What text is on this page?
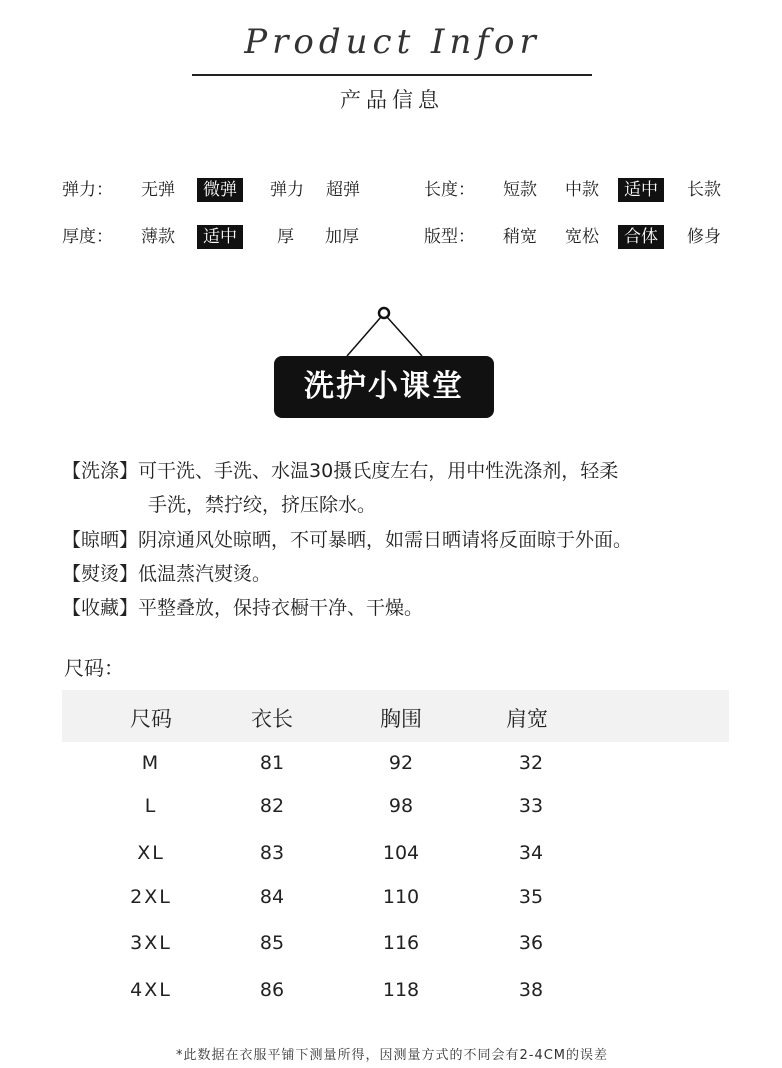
Product Infor
产品信息
弹力： 无弹	微弹	弹力 超弹	长度： 短款 中款	适中	长款
厚度： 薄款	适中	厚 加厚	版型： 稍宽 宽松	合体	修身
洗护小课堂
【洗涤】可干洗、手洗、水温30摄氏度左右，用中性洗涤剂，轻柔
手洗，禁拧绞，挤压除水。
【晾晒】阴凉通风处晾晒，不可暴晒，如需日晒请将反面晾于外面。
【熨烫】低温蒸汽熨烫。
【收藏】平整叠放，保持衣橱干净、干燥。
尺码：
尺码	衣长	胸围	肩宽
M	81	92	32
L	82	98	33
XL	83	104	34
2XL	84	110	35
3XL	85	116	36
4XL	86	118	38
*此数据在衣服平铺下测量所得，因测量方式的不同会有2-4CM的误差
